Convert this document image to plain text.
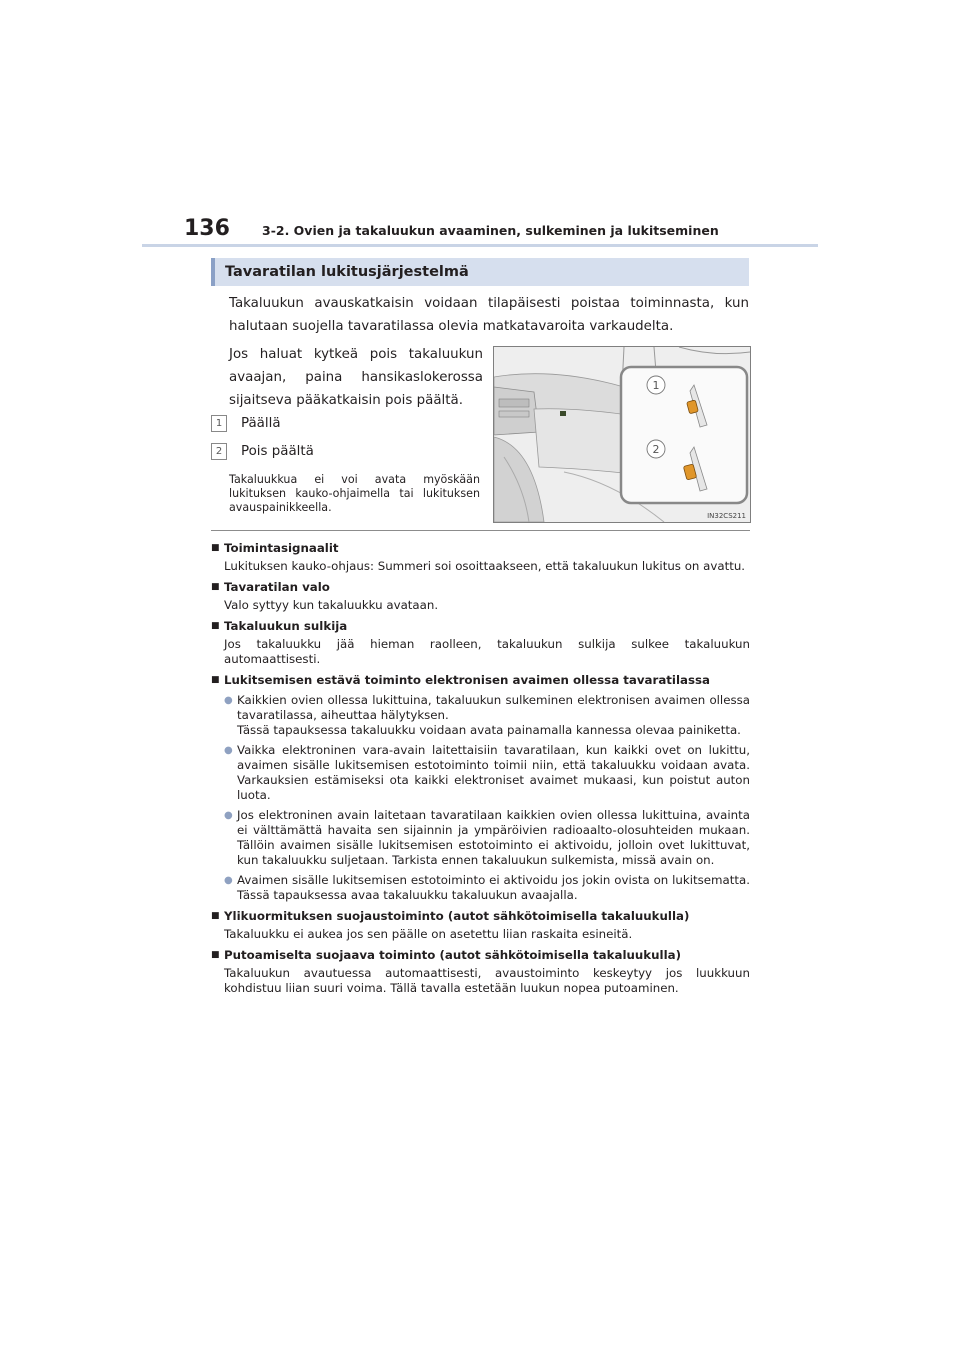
136	3-2. Ovien ja takaluukun avaaminen, sulkeminen ja lukitseminen
Tavaratilan lukitusjärjestelmä
Takaluukun avauskatkaisin voidaan tilapäisesti poistaa toiminnasta, kun halutaan suojella tavaratilassa olevia matkatavaroita varkaudelta.
Jos haluat kytkeä pois takaluukun avaajan, paina hansikaslokerossa sijaitseva pääkatkaisin pois päältä.
1 Päällä
2 Pois päältä
Takaluukkua ei voi avata myöskään lukituksen kauko-ohjaimella tai lukituksen avauspainikkeella.
1
2
IN32CS211
■ Toimintasignaalit
Lukituksen kauko-ohjaus: Summeri soi osoittaakseen, että takaluukun lukitus on avattu.
■ Tavaratilan valo
Valo syttyy kun takaluukku avataan.
■ Takaluukun sulkija
Jos takaluukku jää hieman raolleen, takaluukun sulkija sulkee takaluukun automaattisesti.
■ Lukitsemisen estävä toiminto elektronisen avaimen ollessa tavaratilassa
● Kaikkien ovien ollessa lukittuina, takaluukun sulkeminen elektronisen avaimen ollessa tavaratilassa, aiheuttaa hälytyksen.
Tässä tapauksessa takaluukku voidaan avata painamalla kannessa olevaa painiketta.
● Vaikka elektroninen vara-avain laitettaisiin tavaratilaan, kun kaikki ovet on lukittu, avaimen sisälle lukitsemisen estotoiminto toimii niin, että takaluukku voidaan avata. Varkauksien estämiseksi ota kaikki elektroniset avaimet mukaasi, kun poistut auton luota.
● Jos elektroninen avain laitetaan tavaratilaan kaikkien ovien ollessa lukittuina, avainta ei välttämättä havaita sen sijainnin ja ympäröivien radioaalto-olosuhteiden mukaan. Tällöin avaimen sisälle lukitsemisen estotoiminto ei aktivoidu, jolloin ovet lukittuvat, kun takaluukku suljetaan. Tarkista ennen takaluukun sulkemista, missä avain on.
● Avaimen sisälle lukitsemisen estotoiminto ei aktivoidu jos jokin ovista on lukitsematta. Tässä tapauksessa avaa takaluukku takaluukun avaajalla.
■ Ylikuormituksen suojaustoiminto (autot sähkötoimisella takaluukulla)
Takaluukku ei aukea jos sen päälle on asetettu liian raskaita esineitä.
■ Putoamiselta suojaava toiminto (autot sähkötoimisella takaluukulla)
Takaluukun avautuessa automaattisesti, avaustoiminto keskeytyy jos luukkuun kohdistuu liian suuri voima. Tällä tavalla estetään luukun nopea putoaminen.
